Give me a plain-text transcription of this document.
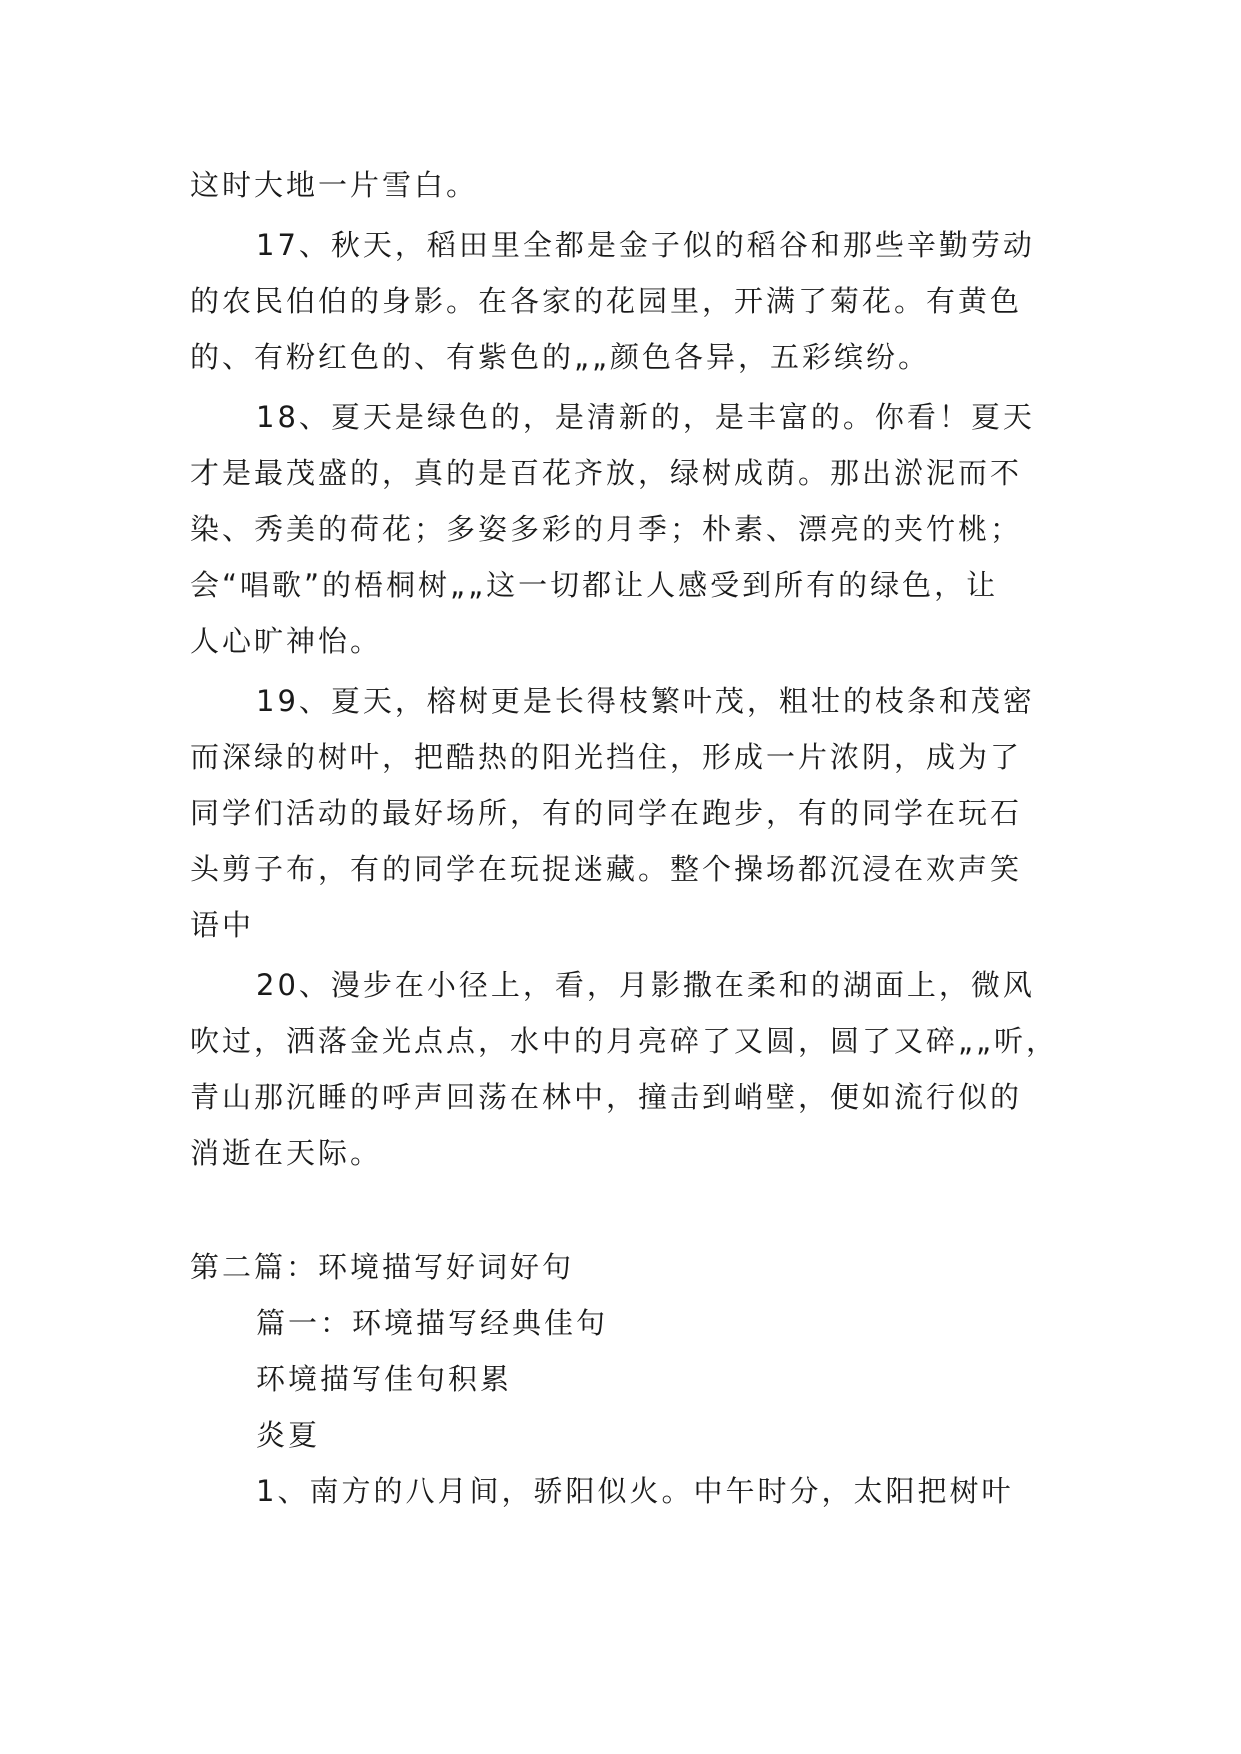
这时大地一片雪白。
17、秋天，稻田里全都是金子似的稻谷和那些辛勤劳动
的农民伯伯的身影。在各家的花园里，开满了菊花。有黄色
的、有粉红色的、有紫色的„„颜色各异，五彩缤纷。
18、夏天是绿色的，是清新的，是丰富的。你看！夏天
才是最茂盛的，真的是百花齐放，绿树成荫。那出淤泥而不
染、秀美的荷花；多姿多彩的月季；朴素、漂亮的夹竹桃；
会“唱歌”的梧桐树„„这一切都让人感受到所有的绿色，让
人心旷神怡。
19、夏天，榕树更是长得枝繁叶茂，粗壮的枝条和茂密
而深绿的树叶，把酷热的阳光挡住，形成一片浓阴，成为了
同学们活动的最好场所，有的同学在跑步，有的同学在玩石
头剪子布，有的同学在玩捉迷藏。整个操场都沉浸在欢声笑
语中
20、漫步在小径上，看，月影撒在柔和的湖面上，微风
吹过，洒落金光点点，水中的月亮碎了又圆，圆了又碎„„听，
青山那沉睡的呼声回荡在林中，撞击到峭壁，便如流行似的
消逝在天际。
第二篇：环境描写好词好句
篇一：环境描写经典佳句
环境描写佳句积累
炎夏
1、南方的八月间，骄阳似火。中午时分，太阳把树叶
